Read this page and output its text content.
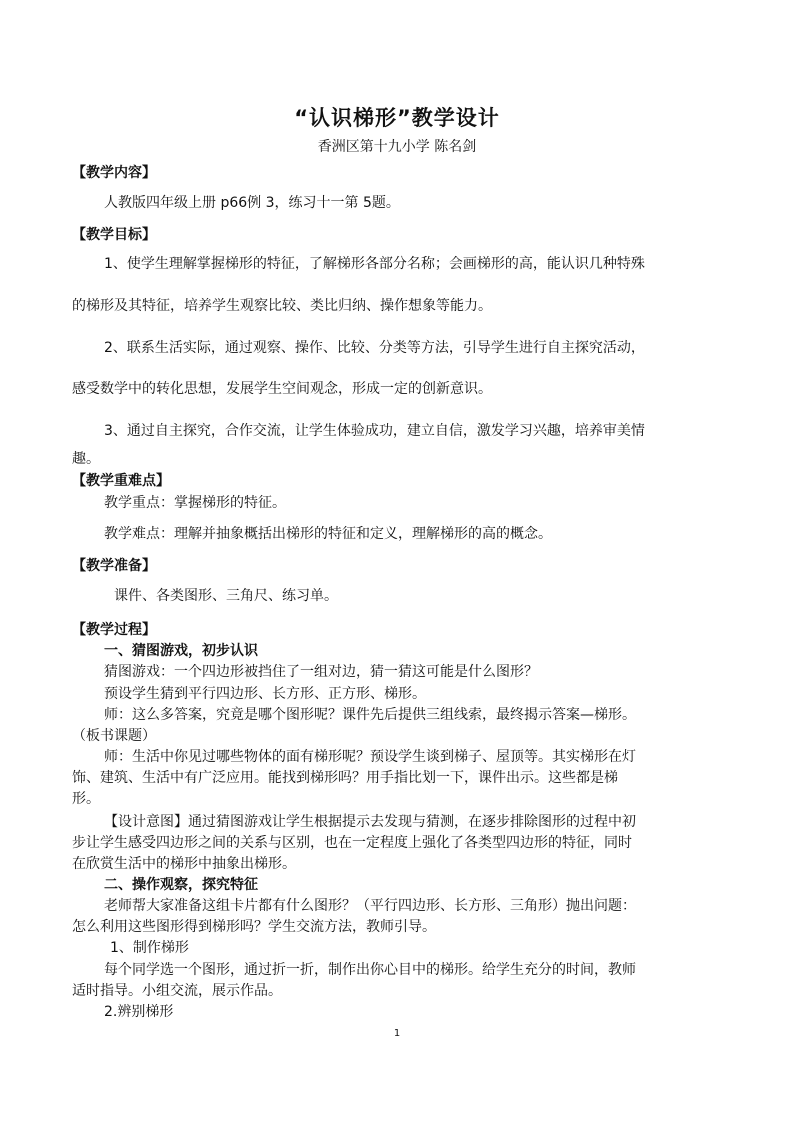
“认识梯形”教学设计
香洲区第十九小学 陈名剑
【教学内容】
人教版四年级上册 p66例 3，练习十一第 5题。
【教学目标】
1、使学生理解掌握梯形的特征，了解梯形各部分名称；会画梯形的高，能认识几种特殊
的梯形及其特征，培养学生观察比较、类比归纳、操作想象等能力。
2、联系生活实际，通过观察、操作、比较、分类等方法，引导学生进行自主探究活动，
感受数学中的转化思想，发展学生空间观念，形成一定的创新意识。
3、通过自主探究，合作交流，让学生体验成功，建立自信，激发学习兴趣，培养审美情
趣。
【教学重难点】
教学重点：掌握梯形的特征。
教学难点：理解并抽象概括出梯形的特征和定义，理解梯形的高的概念。
【教学准备】
课件、各类图形、三角尺、练习单。
【教学过程】
一、猜图游戏，初步认识
猜图游戏：一个四边形被挡住了一组对边，猜一猜这可能是什么图形？
预设学生猜到平行四边形、长方形、正方形、梯形。
师：这么多答案，究竟是哪个图形呢？课件先后提供三组线索，最终揭示答案—梯形。
（板书课题）
师：生活中你见过哪些物体的面有梯形呢？预设学生谈到梯子、屋顶等。其实梯形在灯
饰、建筑、生活中有广泛应用。能找到梯形吗？用手指比划一下，课件出示。这些都是梯
形。
【设计意图】通过猜图游戏让学生根据提示去发现与猜测，在逐步排除图形的过程中初
步让学生感受四边形之间的关系与区别，也在一定程度上强化了各类型四边形的特征，同时
在欣赏生活中的梯形中抽象出梯形。
二、操作观察，探究特征
老师帮大家准备这组卡片都有什么图形？（平行四边形、长方形、三角形）抛出问题：
怎么利用这些图形得到梯形吗？学生交流方法，教师引导。
1、制作梯形
每个同学选一个图形，通过折一折，制作出你心目中的梯形。给学生充分的时间，教师
适时指导。小组交流，展示作品。
2.辨别梯形
1
